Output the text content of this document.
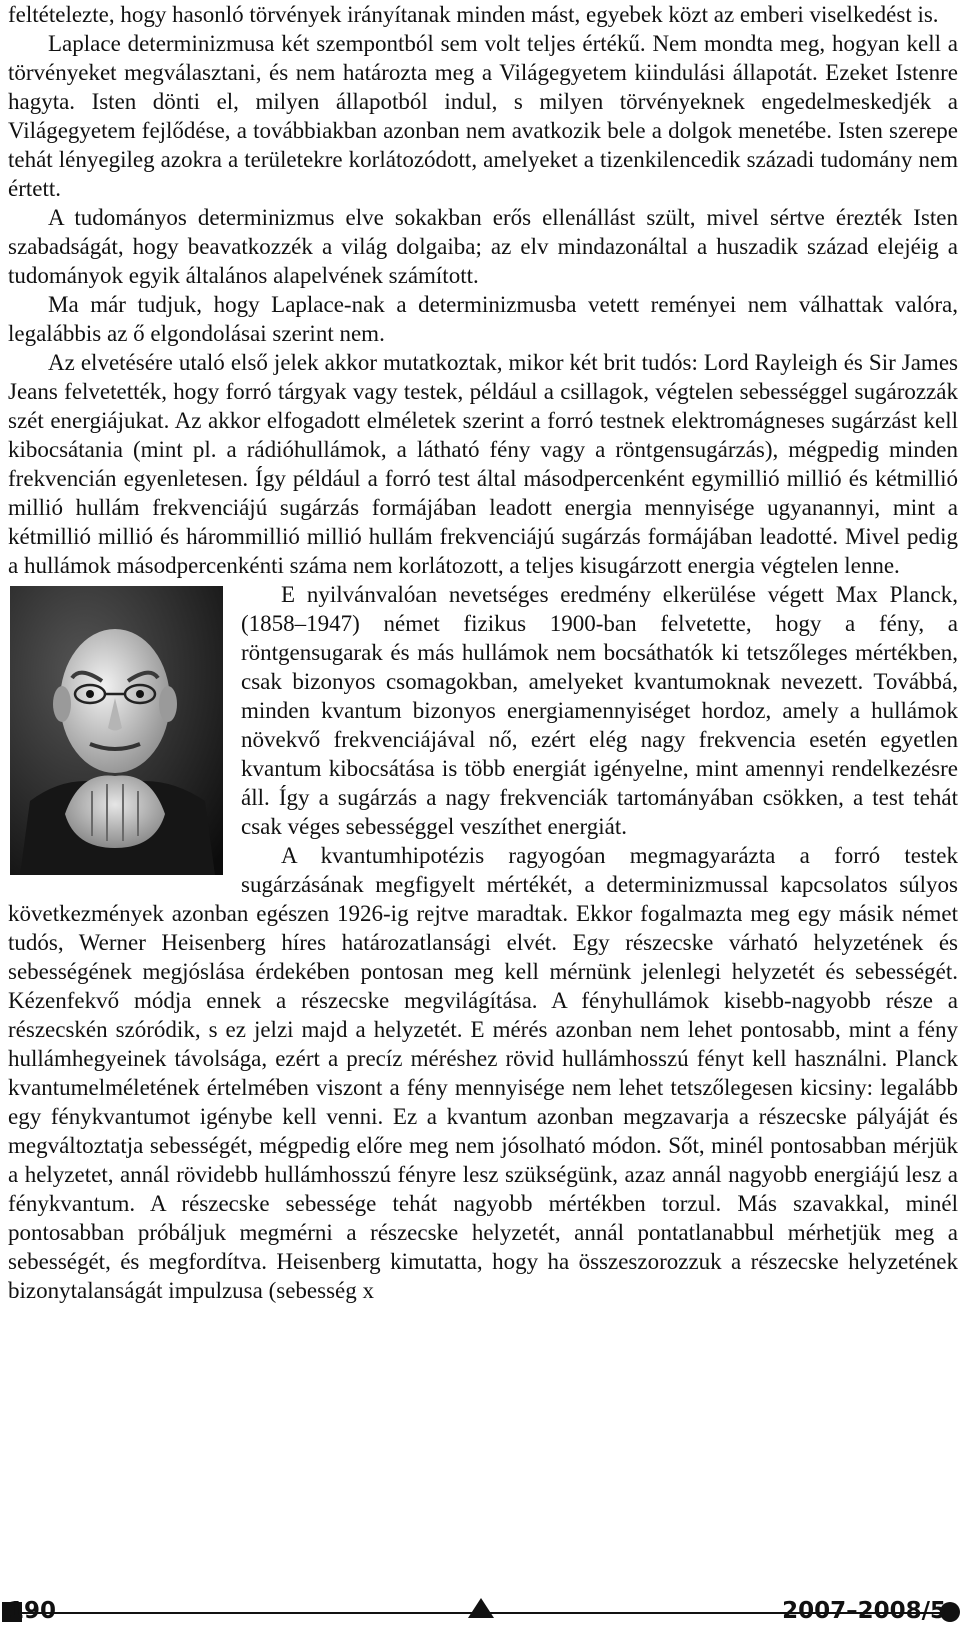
feltételezte, hogy hasonló törvények irányítanak minden mást, egyebek közt az emberi viselkedést is.

Laplace determinizmusa két szempontból sem volt teljes értékű. Nem mondta meg, hogyan kell a törvényeket megválasztani, és nem határozta meg a Világegyetem kiindulási állapotát. Ezeket Istenre hagyta. Isten dönti el, milyen állapotból indul, s milyen törvényeknek engedelmeskedjék a Világegyetem fejlődése, a továbbiakban azonban nem avatkozik bele a dolgok menetébe. Isten szerepe tehát lényegileg azokra a területekre korlátozódott, amelyeket a tizenkilencedik századi tudomány nem értett.

A tudományos determinizmus elve sokakban erős ellenállást szült, mivel sértve érezték Isten szabadságát, hogy beavatkozzék a világ dolgaiba; az elv mindazonáltal a huszadik század elejéig a tudományok egyik általános alapelvének számított.

Ma már tudjuk, hogy Laplace-nak a determinizmusba vetett reményei nem válhattak valóra, legalábbis az ő elgondolásai szerint nem.

Az elvetésére utaló első jelek akkor mutatkoztak, mikor két brit tudós: Lord Rayleigh és Sir James Jeans felvetették, hogy forró tárgyak vagy testek, például a csillagok, végtelen sebességgel sugározzák szét energiájukat. Az akkor elfogadott elméletek szerint a forró testnek elektromágneses sugárzást kell kibocsátania (mint pl. a rádióhullámok, a látható fény vagy a röntgensugárzás), mégpedig minden frekvencián egyenletesen. Így például a forró test által másodpercenként egymillió millió és kétmillió millió hullám frekvenciájú sugárzás formájában leadott energia mennyisége ugyanannyi, mint a kétmillió millió és hárommillió millió hullám frekvenciájú sugárzás formájában leadotté. Mivel pedig a hullámok másodpercenkénti száma nem korlátozott, a teljes kisugárzott energia végtelen lenne.

E nyilvánvalóan nevetséges eredmény elkerülése végett Max Planck, (1858–1947) német fizikus 1900-ban felvetette, hogy a fény, a röntgensugarak és más hullámok nem bocsáthatók ki tetszőleges mértékben, csak bizonyos csomagokban, amelyeket kvantumoknak nevezett. Továbbá, minden kvantum bizonyos energiamennyiséget hordoz, amely a hullámok növekvő frekvenciájával nő, ezért elég nagy frekvencia esetén egyetlen kvantum kibocsátása is több energiát igényelne, mint amennyi rendelkezésre áll. Így a sugárzás a nagy frekvenciák tartományában csökken, a test tehát csak véges sebességgel veszíthet energiát.

A kvantumhipotézis ragyogóan megmagyarázta a forró testek sugárzásának megfigyelt mértékét, a determinizmussal kapcsolatos súlyos következmények azonban egészen 1926-ig rejtve maradtak. Ekkor fogalmazta meg egy másik német tudós, Werner Heisenberg híres határozatlansági elvét. Egy részecske várható helyzetének és sebességének megjóslása érdekében pontosan meg kell mérnünk jelenlegi helyzetét és sebességét. Kézenfekvő módja ennek a részecske megvilágítása. A fényhullámok kisebb-nagyobb része a részecskén szóródik, s ez jelzi majd a helyzetét. E mérés azonban nem lehet pontosabb, mint a fény hullámhegyeinek távolsága, ezért a precíz méréshez rövid hullámhosszú fényt kell használni. Planck kvantumelméletének értelmében viszont a fény mennyisége nem lehet tetszőlegesen kicsiny: legalább egy fénykvantumot igénybe kell venni. Ez a kvantum azonban megzavarja a részecske pályáját és megváltoztatja sebességét, mégpedig előre meg nem jósolható módon. Sőt, minél pontosabban mérjük a helyzetet, annál rövidebb hullámhosszú fényre lesz szükségünk, azaz annál nagyobb energiájú lesz a fénykvantum. A részecske sebessége tehát nagyobb mértékben torzul. Más szavakkal, minél pontosabban próbáljuk megmérni a részecske helyzetét, annál pontatlanabbul mérhetjük meg a sebességét, és megfordítva. Heisenberg kimutatta, hogy ha összeszorozzuk a részecske helyzetének bizonytalanságát impulzusa (sebesség x

190	2007–2008/5
